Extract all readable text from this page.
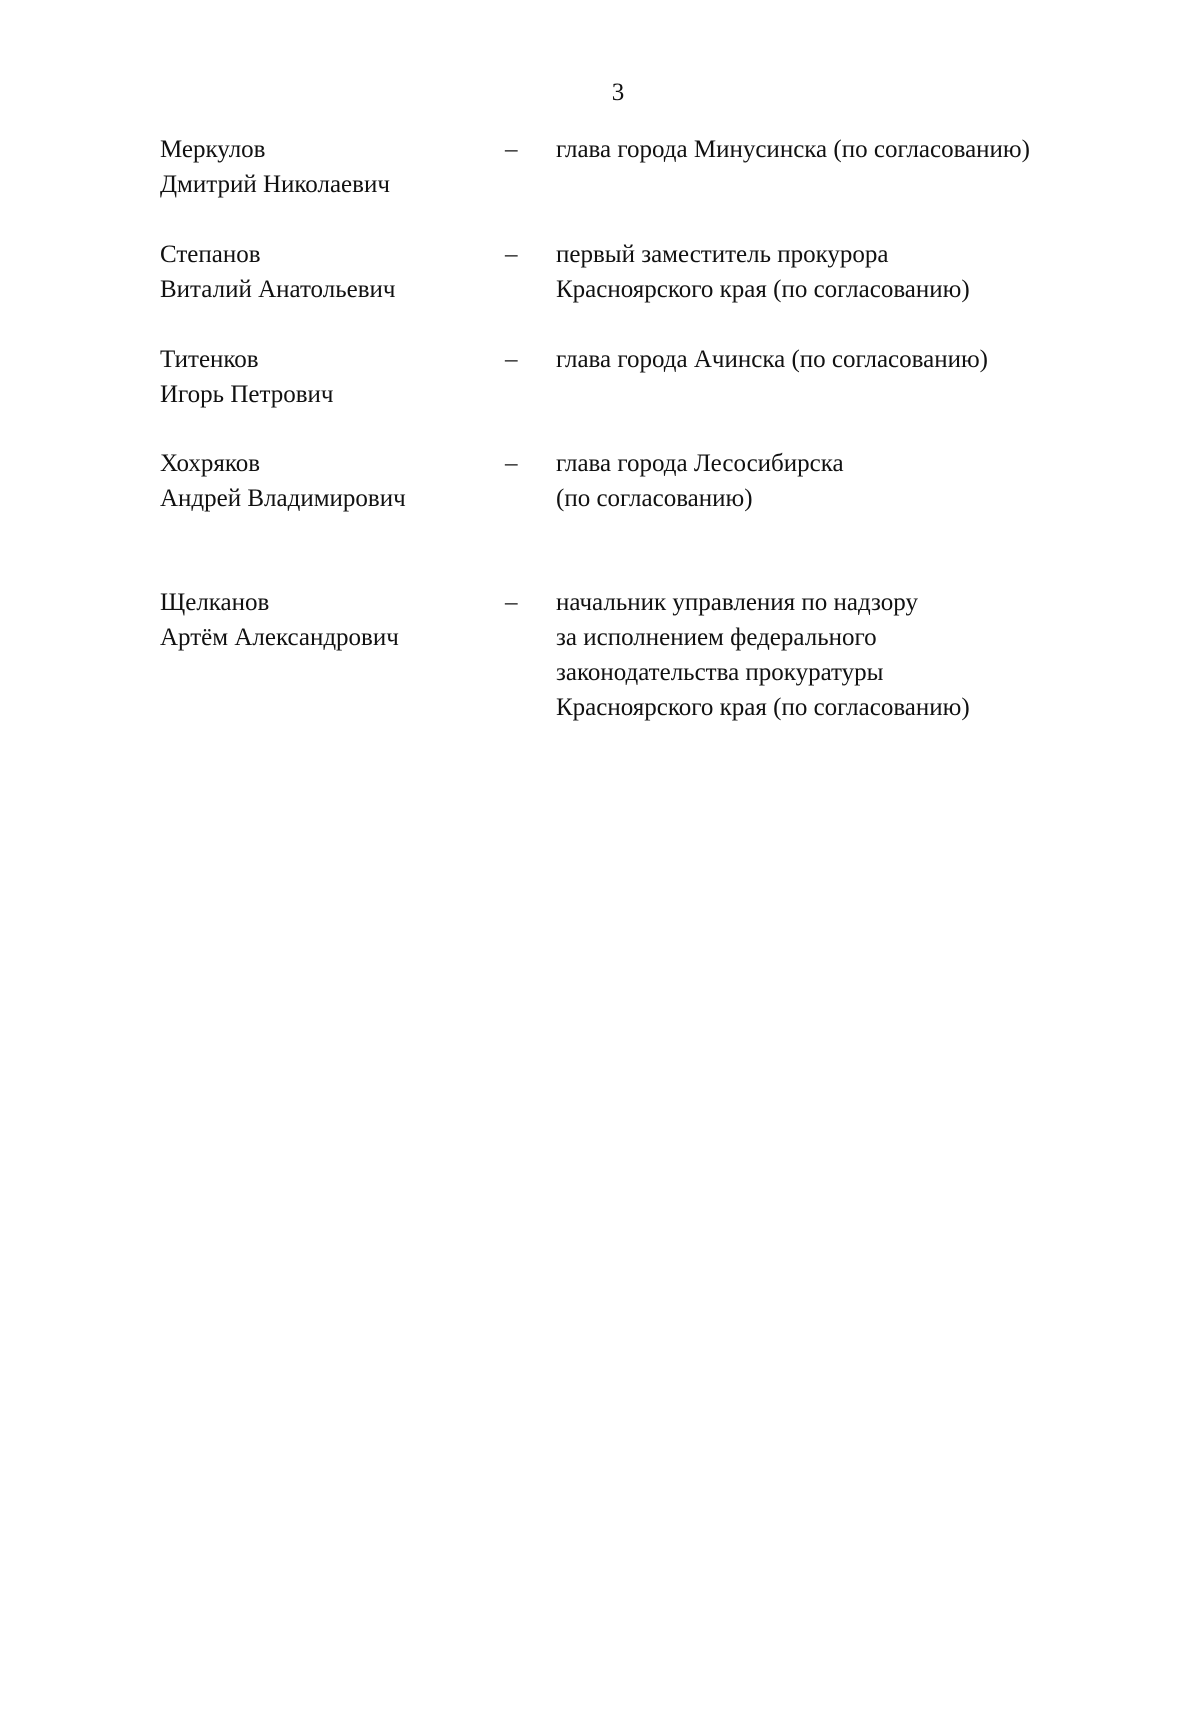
3
Меркулов
Дмитрий Николаевич
– глава города Минусинска (по согласованию)
Степанов
Виталий Анатольевич
– первый заместитель прокурора
Красноярского края (по согласованию)
Титенков
Игорь Петрович
– глава города Ачинска (по согласованию)
Хохряков
Андрей Владимирович
– глава города Лесосибирска
(по согласованию)
Щелканов
Артём Александрович
– начальник управления по надзору
за исполнением федерального
законодательства прокуратуры
Красноярского края (по согласованию)
